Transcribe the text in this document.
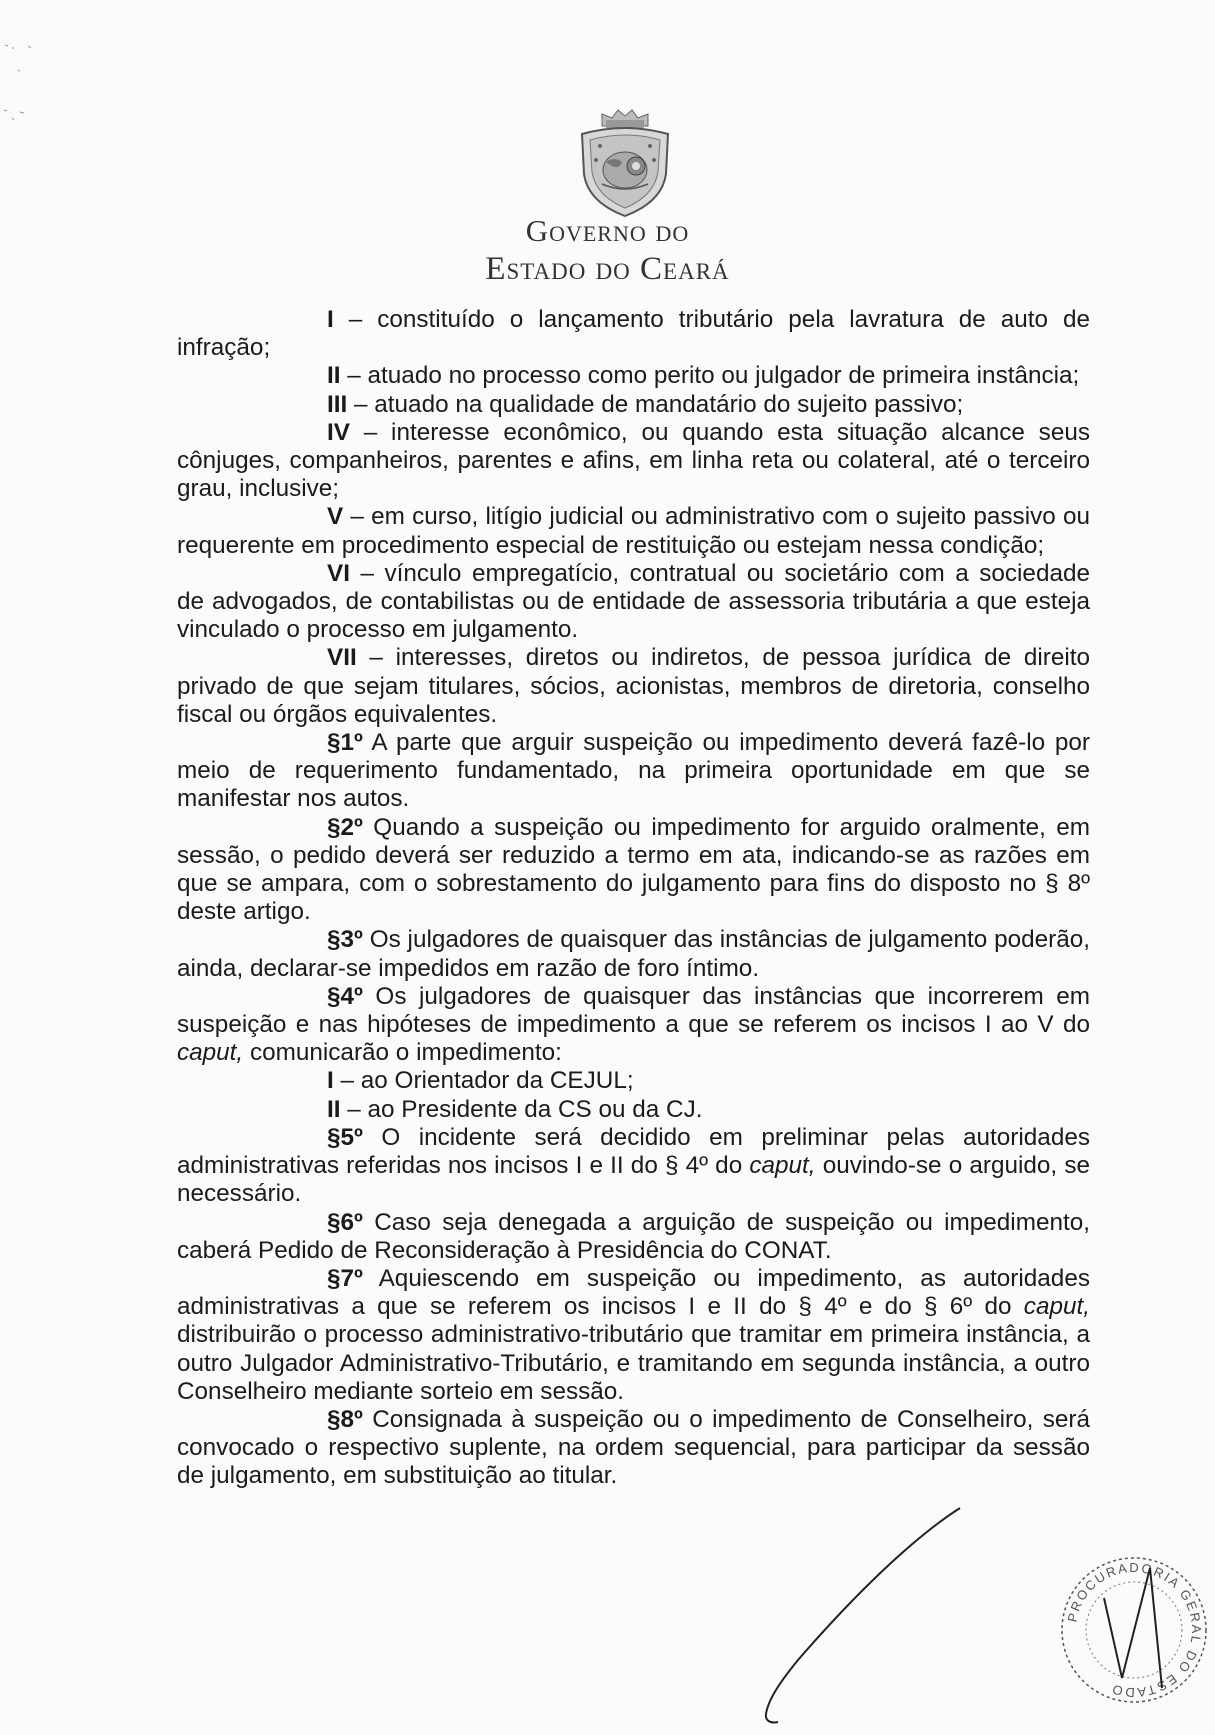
Governo do
Estado do Ceará

I – constituído o lançamento tributário pela lavratura de auto de infração;

II – atuado no processo como perito ou julgador de primeira instância;

III – atuado na qualidade de mandatário do sujeito passivo;

IV – interesse econômico, ou quando esta situação alcance seus cônjuges, companheiros, parentes e afins, em linha reta ou colateral, até o terceiro grau, inclusive;

V – em curso, litígio judicial ou administrativo com o sujeito passivo ou requerente em procedimento especial de restituição ou estejam nessa condição;

VI – vínculo empregatício, contratual ou societário com a sociedade de advogados, de contabilistas ou de entidade de assessoria tributária a que esteja vinculado o processo em julgamento.

VII – interesses, diretos ou indiretos, de pessoa jurídica de direito privado de que sejam titulares, sócios, acionistas, membros de diretoria, conselho fiscal ou órgãos equivalentes.

§1º A parte que arguir suspeição ou impedimento deverá fazê-lo por meio de requerimento fundamentado, na primeira oportunidade em que se manifestar nos autos.

§2º Quando a suspeição ou impedimento for arguido oralmente, em sessão, o pedido deverá ser reduzido a termo em ata, indicando-se as razões em que se ampara, com o sobrestamento do julgamento para fins do disposto no § 8º deste artigo.

§3º Os julgadores de quaisquer das instâncias de julgamento poderão, ainda, declarar-se impedidos em razão de foro íntimo.

§4º Os julgadores de quaisquer das instâncias que incorrerem em suspeição e nas hipóteses de impedimento a que se referem os incisos I ao V do caput, comunicarão o impedimento:

I – ao Orientador da CEJUL;

II – ao Presidente da CS ou da CJ.

§5º O incidente será decidido em preliminar pelas autoridades administrativas referidas nos incisos I e II do § 4º do caput, ouvindo-se o arguido, se necessário.

§6º Caso seja denegada a arguição de suspeição ou impedimento, caberá Pedido de Reconsideração à Presidência do CONAT.

§7º Aquiescendo em suspeição ou impedimento, as autoridades administrativas a que se referem os incisos I e II do § 4º e do § 6º do caput, distribuirão o processo administrativo-tributário que tramitar em primeira instância, a outro Julgador Administrativo-Tributário, e tramitando em segunda instância, a outro Conselheiro mediante sorteio em sessão.

§8º Consignada à suspeição ou o impedimento de Conselheiro, será convocado o respectivo suplente, na ordem sequencial, para participar da sessão de julgamento, em substituição ao titular.

PROCURADORIA GERAL DO ESTADO
